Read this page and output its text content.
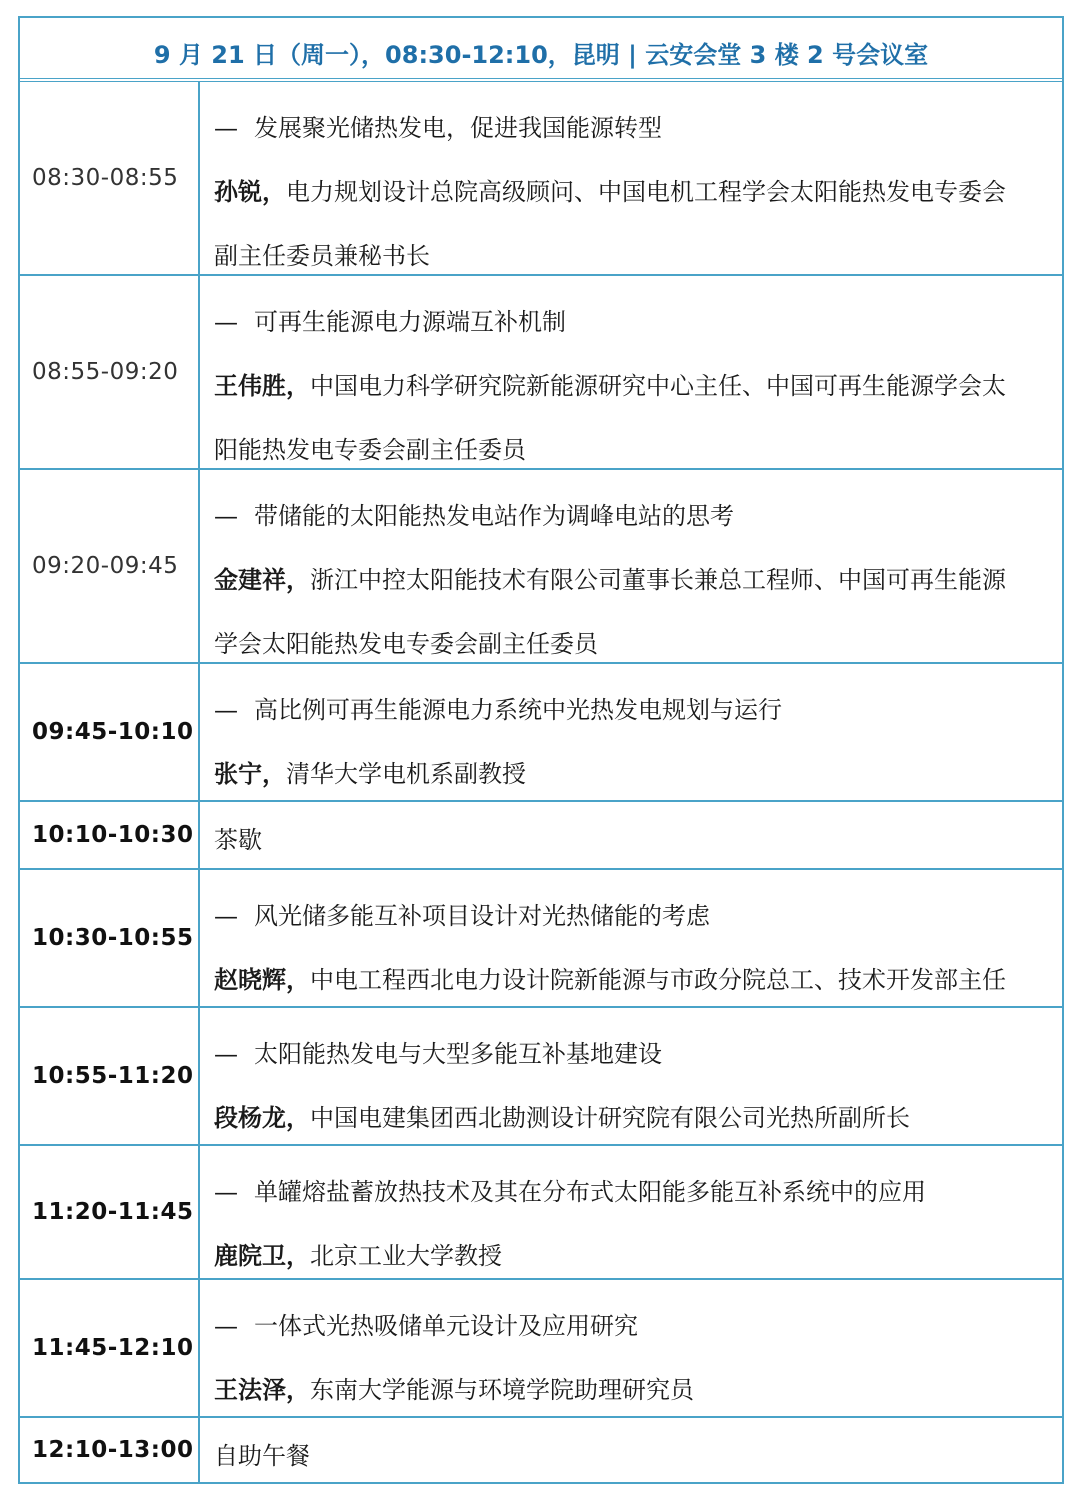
9 月 21 日（周一），08:30-12:10，昆明 | 云安会堂 3 楼 2 号会议室
08:30-08:55
— 发展聚光储热发电，促进我国能源转型
孙锐，电力规划设计总院高级顾问、中国电机工程学会太阳能热发电专委会
副主任委员兼秘书长
08:55-09:20
— 可再生能源电力源端互补机制
王伟胜，中国电力科学研究院新能源研究中心主任、中国可再生能源学会太
阳能热发电专委会副主任委员
09:20-09:45
— 带储能的太阳能热发电站作为调峰电站的思考
金建祥，浙江中控太阳能技术有限公司董事长兼总工程师、中国可再生能源
学会太阳能热发电专委会副主任委员
09:45-10:10
— 高比例可再生能源电力系统中光热发电规划与运行
张宁，清华大学电机系副教授
10:10-10:30 茶歇
10:30-10:55
— 风光储多能互补项目设计对光热储能的考虑
赵晓辉，中电工程西北电力设计院新能源与市政分院总工、技术开发部主任
10:55-11:20
— 太阳能热发电与大型多能互补基地建设
段杨龙，中国电建集团西北勘测设计研究院有限公司光热所副所长
11:20-11:45
— 单罐熔盐蓄放热技术及其在分布式太阳能多能互补系统中的应用
鹿院卫，北京工业大学教授
11:45-12:10
— 一体式光热吸储单元设计及应用研究
王法泽，东南大学能源与环境学院助理研究员
12:10-13:00 自助午餐
